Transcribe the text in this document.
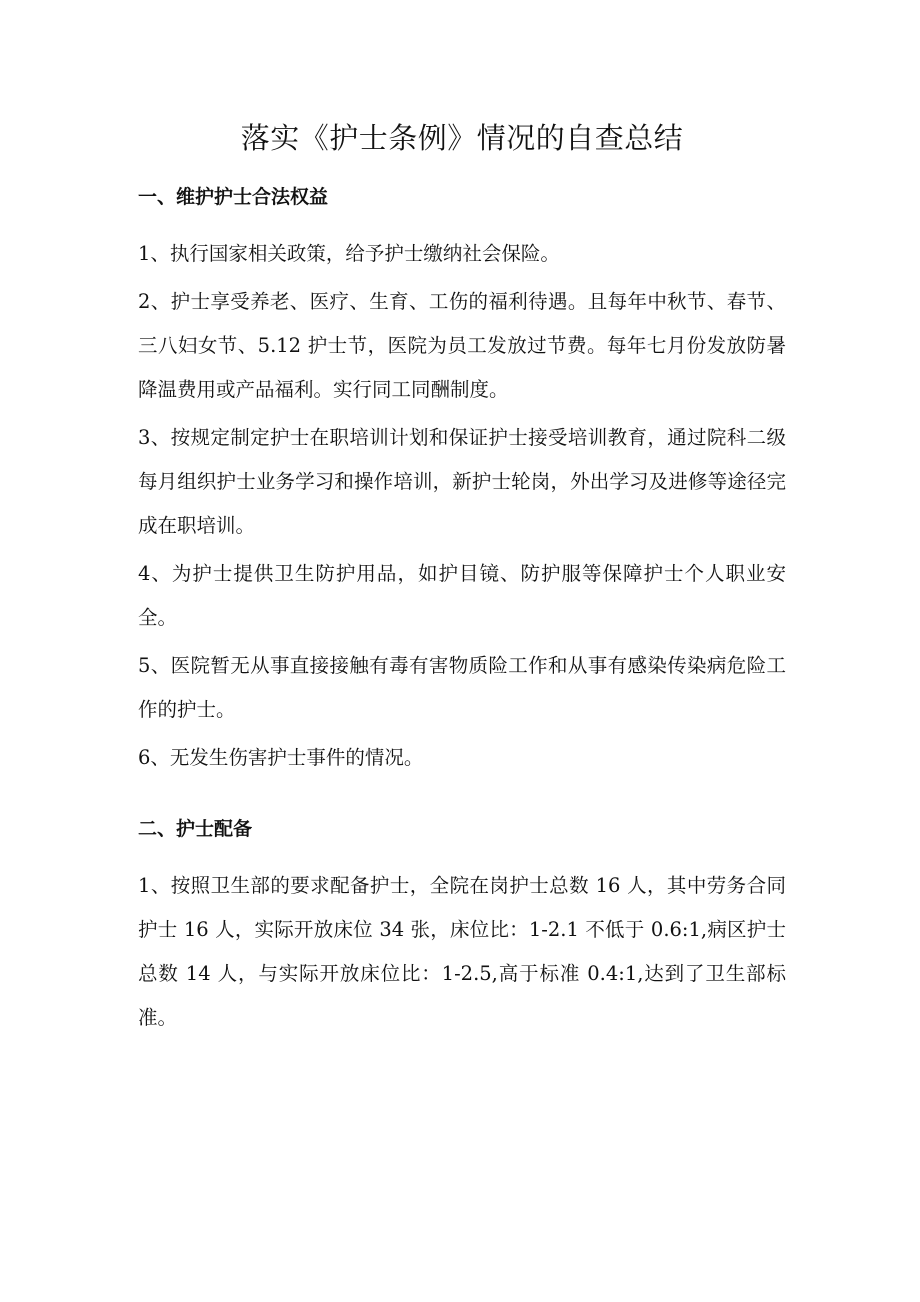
落实《护士条例》情况的自查总结
一、维护护士合法权益

1、执行国家相关政策，给予护士缴纳社会保险。

2、护士享受养老、医疗、生育、工伤的福利待遇。且每年中秋节、春节、三八妇女节、5.12 护士节，医院为员工发放过节费。每年七月份发放防暑降温费用或产品福利。实行同工同酬制度。

3、按规定制定护士在职培训计划和保证护士接受培训教育，通过院科二级每月组织护士业务学习和操作培训，新护士轮岗，外出学习及进修等途径完成在职培训。

4、为护士提供卫生防护用品，如护目镜、防护服等保障护士个人职业安全。

5、医院暂无从事直接接触有毒有害物质险工作和从事有感染传染病危险工作的护士。

6、无发生伤害护士事件的情况。

二、护士配备

1、按照卫生部的要求配备护士，全院在岗护士总数 16 人，其中劳务合同护士 16 人，实际开放床位 34 张，床位比：1-2.1 不低于 0.6:1,病区护士总数 14 人，与实际开放床位比：1-2.5,高于标准 0.4:1,达到了卫生部标准。
